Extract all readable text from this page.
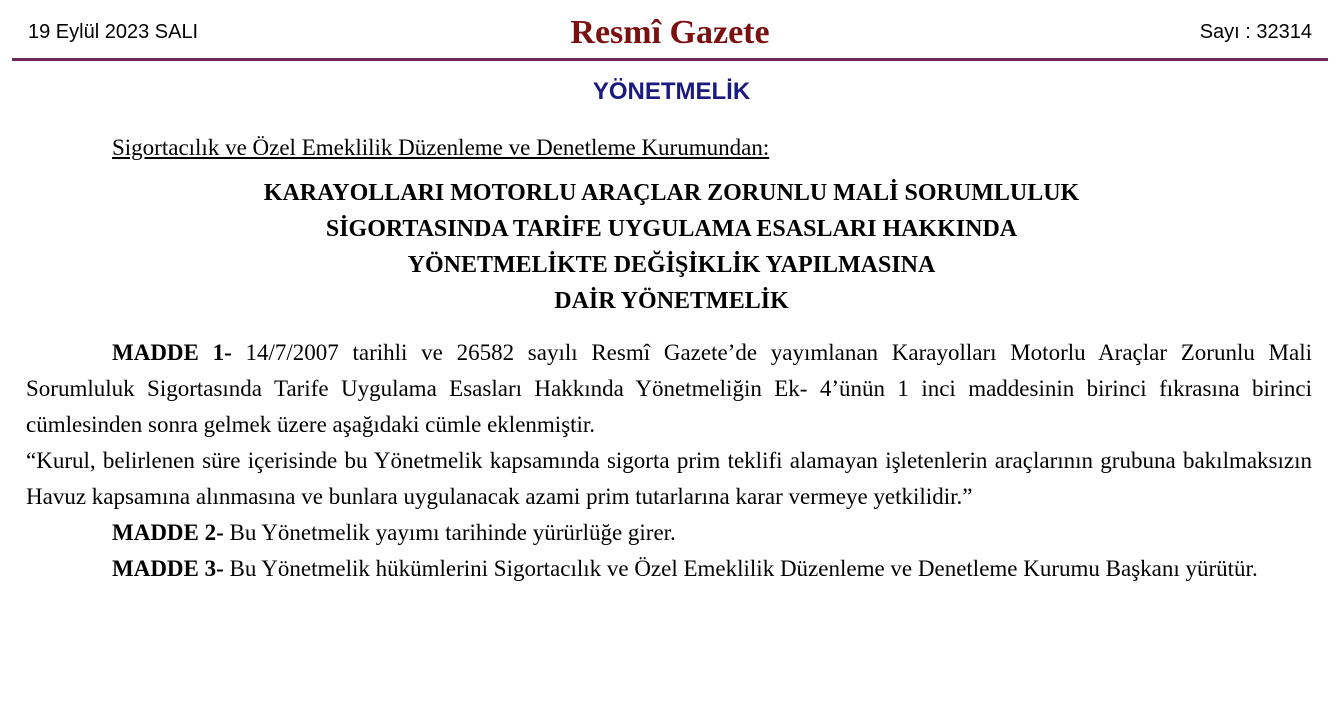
19 Eylül 2023 SALI	Resmî Gazete	Sayı : 32314
YÖNETMELİK
Sigortacılık ve Özel Emeklilik Düzenleme ve Denetleme Kurumundan:
KARAYOLLARI MOTORLU ARAÇLAR ZORUNLU MALİ SORUMLULUK
SİGORTASINDA TARİFE UYGULAMA ESASLARI HAKKINDA
YÖNETMELİKTE DEĞİŞİKLİK YAPILMASINA
DAİR YÖNETMELİK

MADDE 1- 14/7/2007 tarihli ve 26582 sayılı Resmî Gazete’de yayımlanan Karayolları Motorlu Araçlar Zorunlu Mali Sorumluluk Sigortasında Tarife Uygulama Esasları Hakkında Yönetmeliğin Ek- 4’ünün 1 inci maddesinin birinci fıkrasına birinci cümlesinden sonra gelmek üzere aşağıdaki cümle eklenmiştir.

“Kurul, belirlenen süre içerisinde bu Yönetmelik kapsamında sigorta prim teklifi alamayan işletenlerin araçlarının grubuna bakılmaksızın Havuz kapsamına alınmasına ve bunlara uygulanacak azami prim tutarlarına karar vermeye yetkilidir.”

MADDE 2- Bu Yönetmelik yayımı tarihinde yürürlüğe girer.

MADDE 3- Bu Yönetmelik hükümlerini Sigortacılık ve Özel Emeklilik Düzenleme ve Denetleme Kurumu Başkanı yürütür.
